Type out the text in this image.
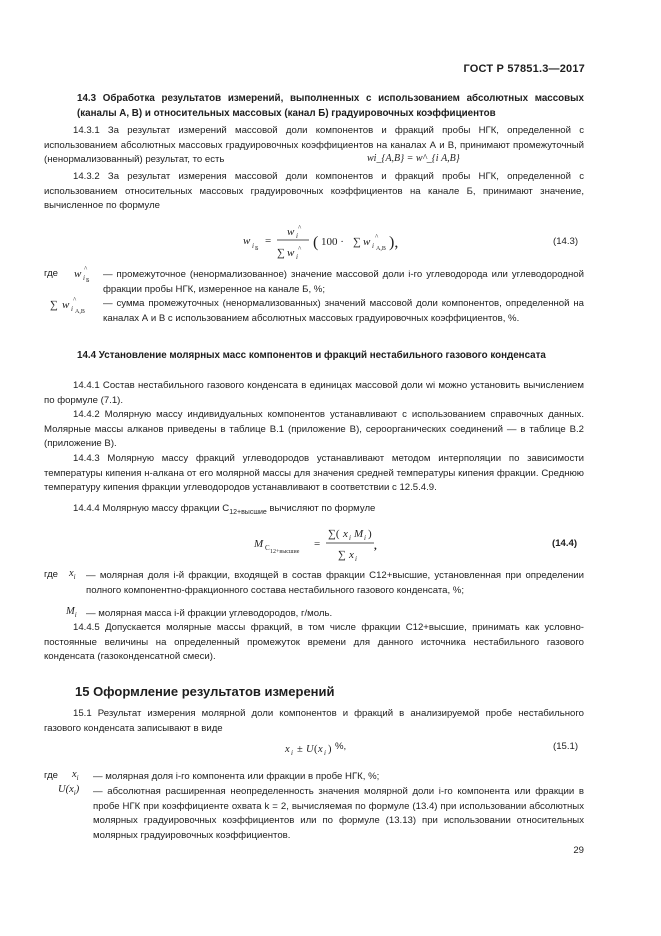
ГОСТ Р 57851.3—2017
14.3 Обработка результатов измерений, выполненных с использованием абсолютных массовых (каналы А, В) и относительных массовых (канал Б) градуировочных коэффициентов
14.3.1 За результат измерений массовой доли компонентов и фракций пробы НГК, определенной с использованием абсолютных массовых градуировочных коэффициентов на каналах А и В, принимают промежуточный (ненормализованный) результат, то есть	wi_{А,В} = w^_{i А,В}
14.3.2 За результат измерения массовой доли компонентов и фракций пробы НГК, определенной с использованием относительных массовых градуировочных коэффициентов на канале Б, принимают значение, вычисленное по формуле
w i Б
=
w i
^
∑ w i
^ ( 100 · ∑ w i А,В
^ ),	(14.3)
где w i Б
^ — промежуточное (ненормализованное) значение массовой доли i-го углеводорода или углеводородной фракции пробы НГК, измеренное на канале Б, %;
∑ w i А,В
^	— сумма промежуточных (ненормализованных) значений массовой доли компонентов, определенной на каналах А и В с использованием абсолютных массовых градуировочных коэффициентов, %.
14.4 Установление молярных масс компонентов и фракций нестабильного газового конденсата
14.4.1 Состав нестабильного газового конденсата в единицах массовой доли wi можно установить вычислением по формуле (7.1).
14.4.2 Молярную массу индивидуальных компонентов устанавливают с использованием справочных данных. Молярные массы алканов приведены в таблице В.1 (приложение В), сероорганических соединений — в таблице В.2 (приложение В).
14.4.3 Молярную массу фракций углеводородов устанавливают методом интерполяции по зависимости температуры кипения н-алкана от его молярной массы для значения средней температуры кипения фракции. Среднюю температуру кипения фракции углеводородов устанавливают в соответствии с 12.5.4.9.
14.4.4 Молярную массу фракции $С_{12+высшие}$ вычисляют по формуле
M C 12+высшие
=
∑( x i M i )
∑ x i
,	(14.4)
где $x_i$ — молярная доля i-й фракции, входящей в состав фракции С12+высшие, установленная при определении полного компонентно-фракционного состава нестабильного газового конденсата, %;
$M_i$ — молярная масса i-й фракции углеводородов, г/моль.
14.4.5 Допускается молярные массы фракций, в том числе фракции С12+высшие, принимать как условно-постоянные величины на определенный промежуток времени для данного источника нестабильного газового конденсата (газоконденсатной смеси).
15 Оформление результатов измерений
15.1 Результат измерения молярной доли компонентов и фракций в анализируемой пробе нестабильного газового конденсата записывают в виде
x i ± U ( x i ) %,	(15.1)
где $x_i$ — молярная доля i-го компонента или фракции в пробе НГК, %;
$U(x_i)$ — абсолютная расширенная неопределенность значения молярной доли i-го компонента или фракции в пробе НГК при коэффициенте охвата k = 2, вычисляемая по формуле (13.4) при использовании абсолютных молярных градуировочных коэффициентов или по формуле (13.13) при использовании относительных молярных градуировочных коэффициентов.
29
